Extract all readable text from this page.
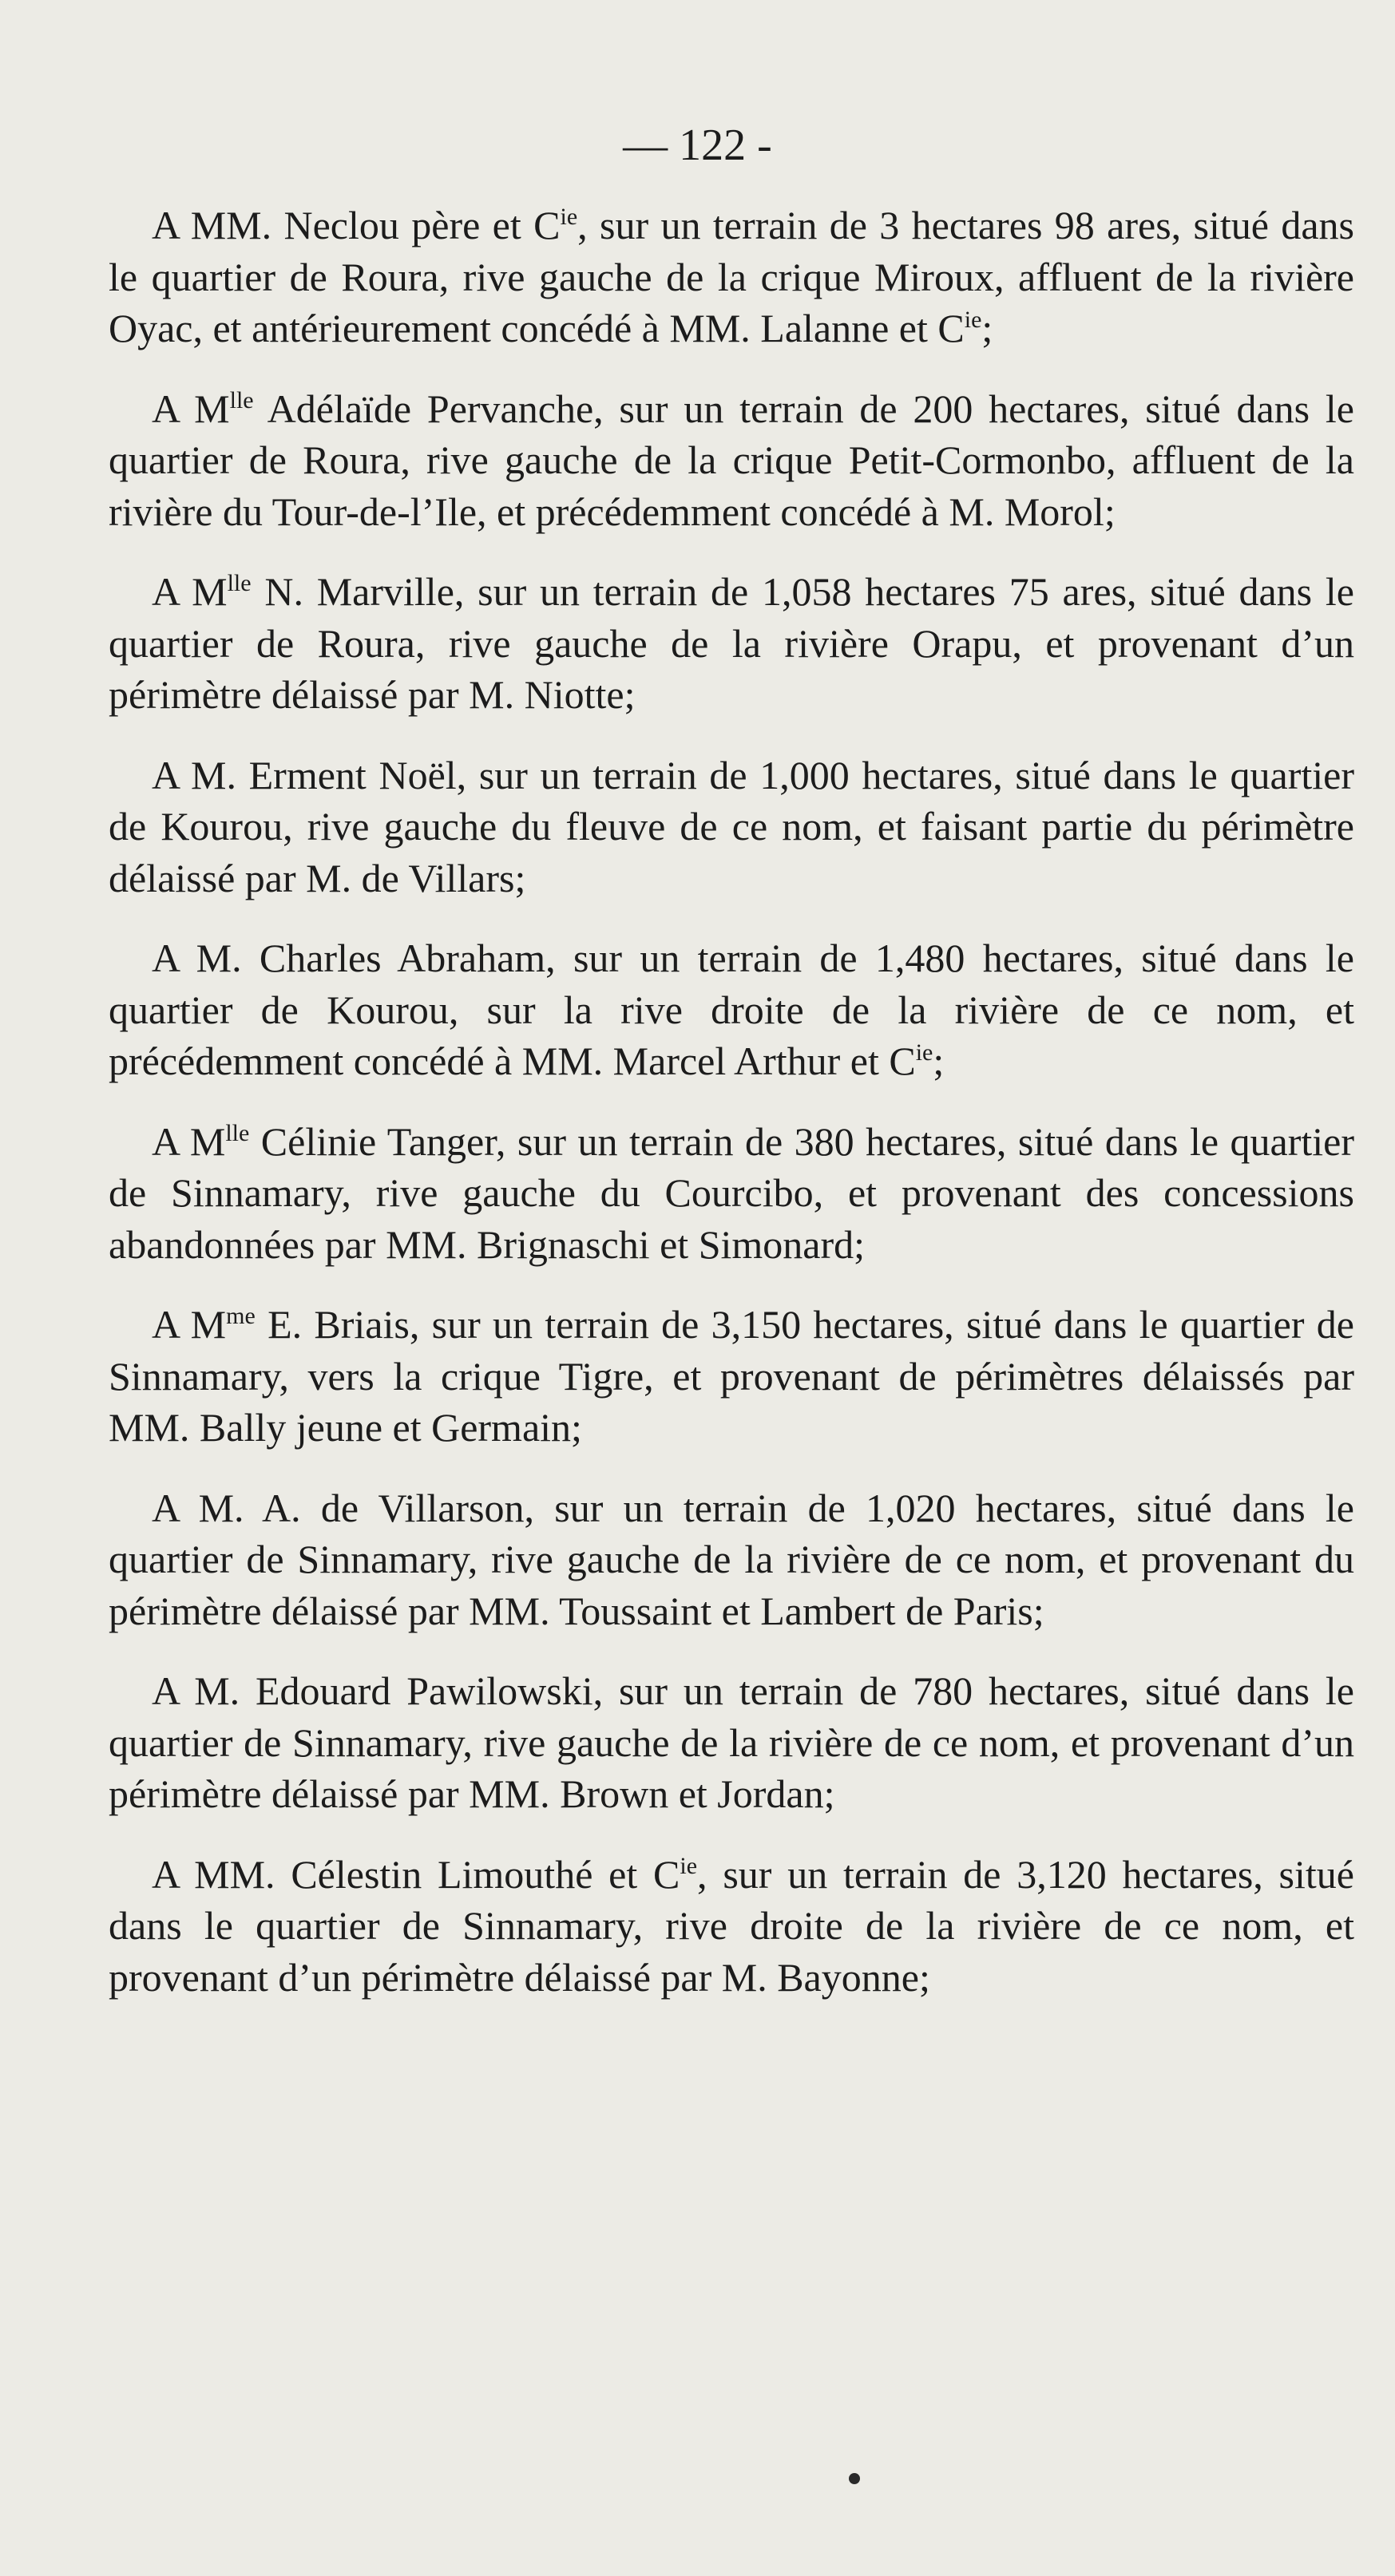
— 122 -

A MM. Neclou père et $C^{ie}$, sur un terrain de 3 hectares 98 ares, situé dans le quartier de Roura, rive gauche de la crique Miroux, affluent de la rivière Oyac, et antérieurement concédé à MM. Lalanne et $C^{ie}$;

A $M^{lle}$ Adélaïde Pervanche, sur un terrain de 200 hectares, situé dans le quartier de Roura, rive gauche de la crique Petit-Cormonbo, affluent de la rivière du Tour-de-l’Ile, et précédemment concédé à M. Morol;

A $M^{lle}$ N. Marville, sur un terrain de 1,058 hectares 75 ares, situé dans le quartier de Roura, rive gauche de la rivière Orapu, et provenant d’un périmètre délaissé par M. Niotte;

A M. Erment Noël, sur un terrain de 1,000 hectares, situé dans le quartier de Kourou, rive gauche du fleuve de ce nom, et faisant partie du périmètre délaissé par M. de Villars;

A M. Charles Abraham, sur un terrain de 1,480 hectares, situé dans le quartier de Kourou, sur la rive droite de la rivière de ce nom, et précédemment concédé à MM. Marcel Arthur et $C^{ie}$;

A $M^{lle}$ Célinie Tanger, sur un terrain de 380 hectares, situé dans le quartier de Sinnamary, rive gauche du Courcibo, et provenant des concessions abandonnées par MM. Brignaschi et Simonard;

A $M^{me}$ E. Briais, sur un terrain de 3,150 hectares, situé dans le quartier de Sinnamary, vers la crique Tigre, et provenant de périmètres délaissés par MM. Bally jeune et Germain;

A M. A. de Villarson, sur un terrain de 1,020 hectares, situé dans le quartier de Sinnamary, rive gauche de la rivière de ce nom, et provenant du périmètre délaissé par MM. Toussaint et Lambert de Paris;

A M. Edouard Pawilowski, sur un terrain de 780 hectares, situé dans le quartier de Sinnamary, rive gauche de la rivière de ce nom, et provenant d’un périmètre délaissé par MM. Brown et Jordan;

A MM. Célestin Limouthé et $C^{ie}$, sur un terrain de 3,120 hectares, situé dans le quartier de Sinnamary, rive droite de la rivière de ce nom, et provenant d’un périmètre délaissé par M. Bayonne;
